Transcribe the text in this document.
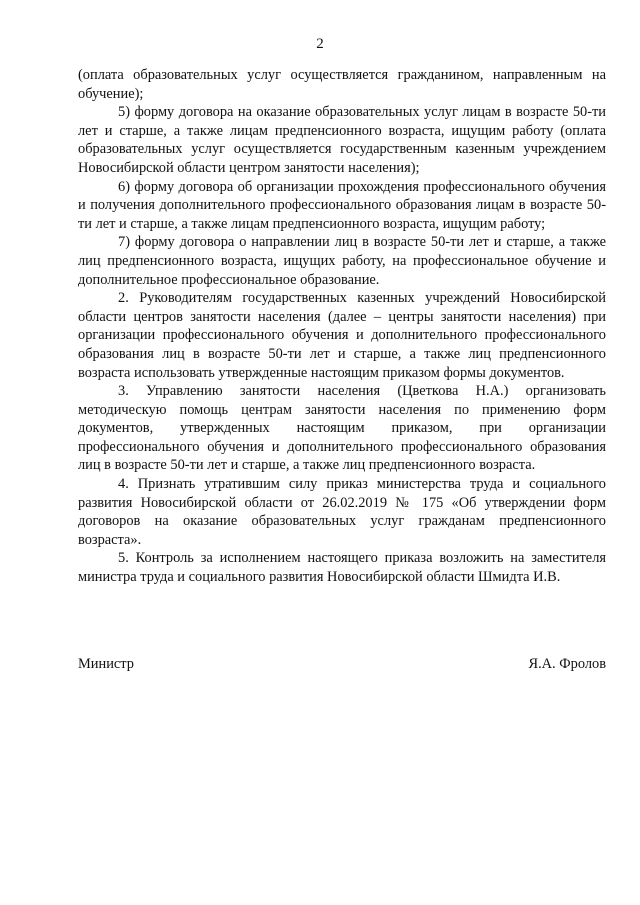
2

(оплата образовательных услуг осуществляется гражданином, направленным на обучение);

5) форму договора на оказание образовательных услуг лицам в возрасте 50-ти лет и старше, а также лицам предпенсионного возраста, ищущим работу (оплата образовательных услуг осуществляется государственным казенным учреждением Новосибирской области центром занятости населения);

6) форму договора об организации прохождения профессионального обучения и получения дополнительного профессионального образования лицам в возрасте 50-ти лет и старше, а также лицам предпенсионного возраста, ищущим работу;

7) форму договора о направлении лиц в возрасте 50-ти лет и старше, а также лиц предпенсионного возраста, ищущих работу, на профессиональное обучение и дополнительное профессиональное образование.

2. Руководителям государственных казенных учреждений Новосибирской области центров занятости населения (далее – центры занятости населения) при организации профессионального обучения и дополнительного профессионального образования лиц в возрасте 50-ти лет и старше, а также лиц предпенсионного возраста использовать утвержденные настоящим приказом формы документов.

3. Управлению занятости населения (Цветкова Н.А.) организовать методическую помощь центрам занятости населения по применению форм документов, утвержденных настоящим приказом, при организации профессионального обучения и дополнительного профессионального образования лиц в возрасте 50-ти лет и старше, а также лиц предпенсионного возраста.

4. Признать утратившим силу приказ министерства труда и социального развития Новосибирской области от 26.02.2019 № 175 «Об утверждении форм договоров на оказание образовательных услуг гражданам предпенсионного возраста».

5. Контроль за исполнением настоящего приказа возложить на заместителя министра труда и социального развития Новосибирской области Шмидта И.В.

Министр	Я.А. Фролов
